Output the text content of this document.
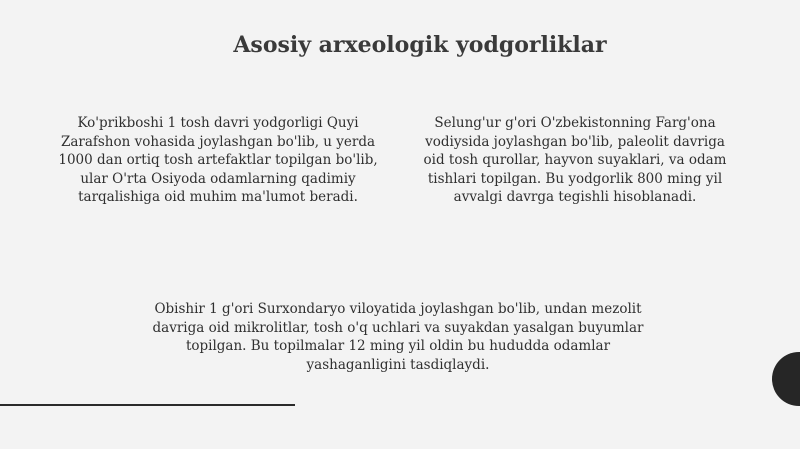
Asosiy arxeologik yodgorliklar
Ko'prikboshi 1 tosh davri yodgorligi Quyi Zarafshon vohasida joylashgan bo'lib, u yerda 1000 dan ortiq tosh artefaktlar topilgan bo'lib, ular O'rta Osiyoda odamlarning qadimiy tarqalishiga oid muhim ma'lumot beradi.
Selung'ur g'ori O'zbekistonning Farg'ona vodiysida joylashgan bo'lib, paleolit davriga oid tosh qurollar, hayvon suyaklari, va odam tishlari topilgan. Bu yodgorlik 800 ming yil avvalgi davrga tegishli hisoblanadi.
Obishir 1 g'ori Surxondaryo viloyatida joylashgan bo'lib, undan mezolit davriga oid mikrolitlar, tosh o'q uchlari va suyakdan yasalgan buyumlar topilgan. Bu topilmalar 12 ming yil oldin bu hududda odamlar yashaganligini tasdiqlaydi.
